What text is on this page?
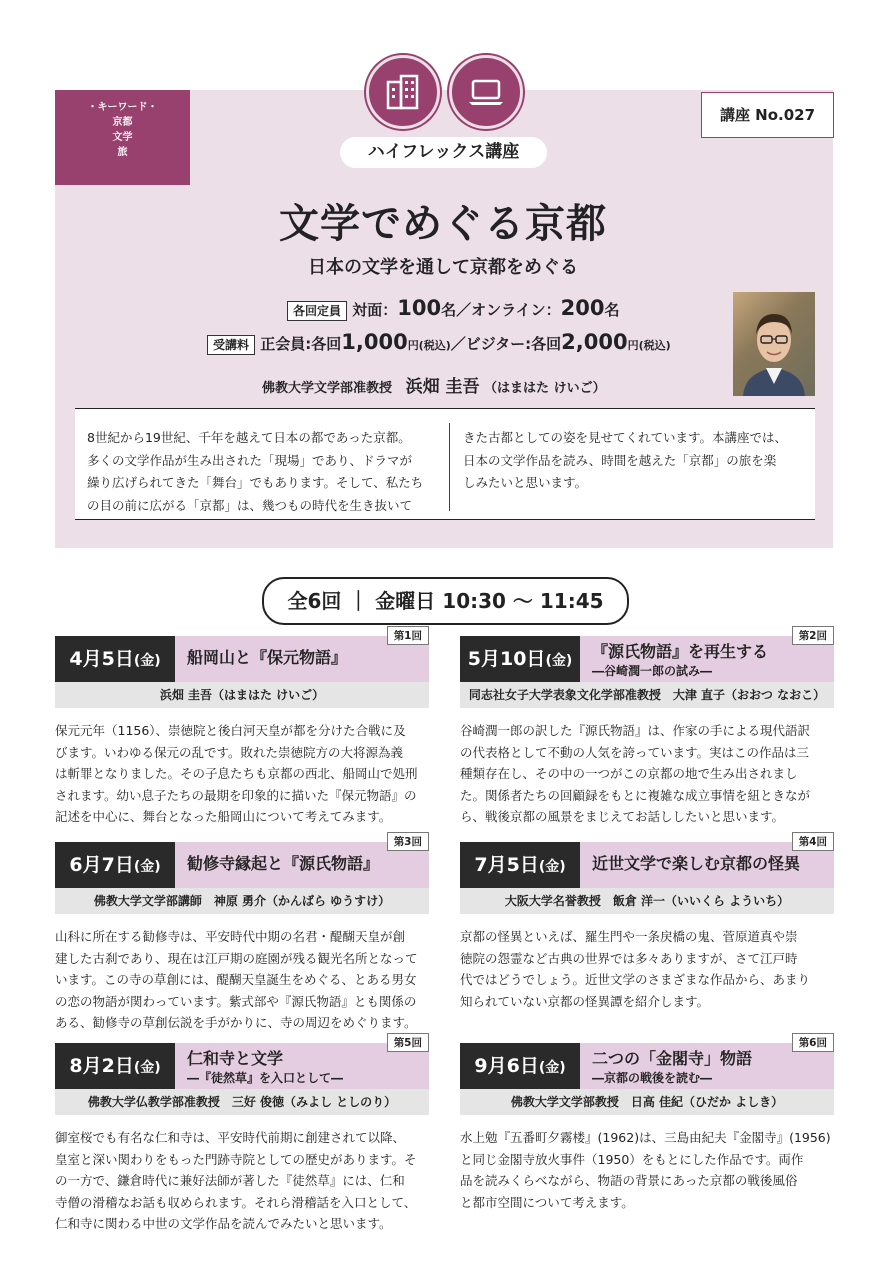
・キーワード・
京都
文学
旅
講座 No.027
ハイフレックス講座
文学でめぐる京都
日本の文学を通して京都をめぐる
各回定員 対面：100名／オンライン：200名
受講料 正会員:各回1,000円(税込)／ビジター:各回2,000円(税込)
佛教大学文学部准教授 浜畑 圭吾 （はまはた けいご）
8世紀から19世紀、千年を越えて日本の都であった京都。
多くの文学作品が生み出された「現場」であり、ドラマが
繰り広げられてきた「舞台」でもあります。そして、私たち
の目の前に広がる「京都」は、幾つもの時代を生き抜いて
きた古都としての姿を見せてくれています。本講座では、
日本の文学作品を読み、時間を越えた「京都」の旅を楽
しみたいと思います。
全6回 ｜ 金曜日 10:30 〜 11:45
4月5日(金)	船岡山と『保元物語』
第1回
浜畑 圭吾（はまはた けいご）
保元元年（1156）、崇徳院と後白河天皇が都を分けた合戦に及
びます。いわゆる保元の乱です。敗れた崇徳院方の大将源為義
は斬罪となりました。その子息たちも京都の西北、船岡山で処刑
されます。幼い息子たちの最期を印象的に描いた『保元物語』の
記述を中心に、舞台となった船岡山について考えてみます。
5月10日(金)	『源氏物語』を再生する
―谷崎潤一郎の試み―
第2回
同志社女子大学表象文化学部准教授　大津 直子（おおつ なおこ）
谷崎潤一郎の訳した『源氏物語』は、作家の手による現代語訳
の代表格として不動の人気を誇っています。実はこの作品は三
種類存在し、その中の一つがこの京都の地で生み出されまし
た。関係者たちの回顧録をもとに複雑な成立事情を紐ときなが
ら、戦後京都の風景をまじえてお話ししたいと思います。
6月7日(金)	勧修寺縁起と『源氏物語』
第3回
佛教大学文学部講師　神原 勇介（かんばら ゆうすけ）
山科に所在する勧修寺は、平安時代中期の名君・醍醐天皇が創
建した古刹であり、現在は江戸期の庭園が残る観光名所となって
います。この寺の草創には、醍醐天皇誕生をめぐる、とある男女
の恋の物語が関わっています。紫式部や『源氏物語』とも関係の
ある、勧修寺の草創伝説を手がかりに、寺の周辺をめぐります。
7月5日(金)	近世文学で楽しむ京都の怪異
第4回
大阪大学名誉教授　飯倉 洋一（いいくら よういち）
京都の怪異といえば、羅生門や一条戻橋の鬼、菅原道真や崇
徳院の怨霊など古典の世界では多々ありますが、さて江戸時
代ではどうでしょう。近世文学のさまざまな作品から、あまり
知られていない京都の怪異譚を紹介します。
8月2日(金)	仁和寺と文学
―『徒然草』を入口として―
第5回
佛教大学仏教学部准教授　三好 俊徳（みよし としのり）
御室桜でも有名な仁和寺は、平安時代前期に創建されて以降、
皇室と深い関わりをもった門跡寺院としての歴史があります。そ
の一方で、鎌倉時代に兼好法師が著した『徒然草』には、仁和
寺僧の滑稽なお話も収められます。それら滑稽話を入口として、
仁和寺に関わる中世の文学作品を読んでみたいと思います。
9月6日(金)	二つの「金閣寺」物語
―京都の戦後を読む―
第6回
佛教大学文学部教授　日高 佳紀（ひだか よしき）
水上勉『五番町夕霧楼』(1962)は、三島由紀夫『金閣寺』(1956)
と同じ金閣寺放火事件（1950）をもとにした作品です。両作
品を読みくらべながら、物語の背景にあった京都の戦後風俗
と都市空間について考えます。
